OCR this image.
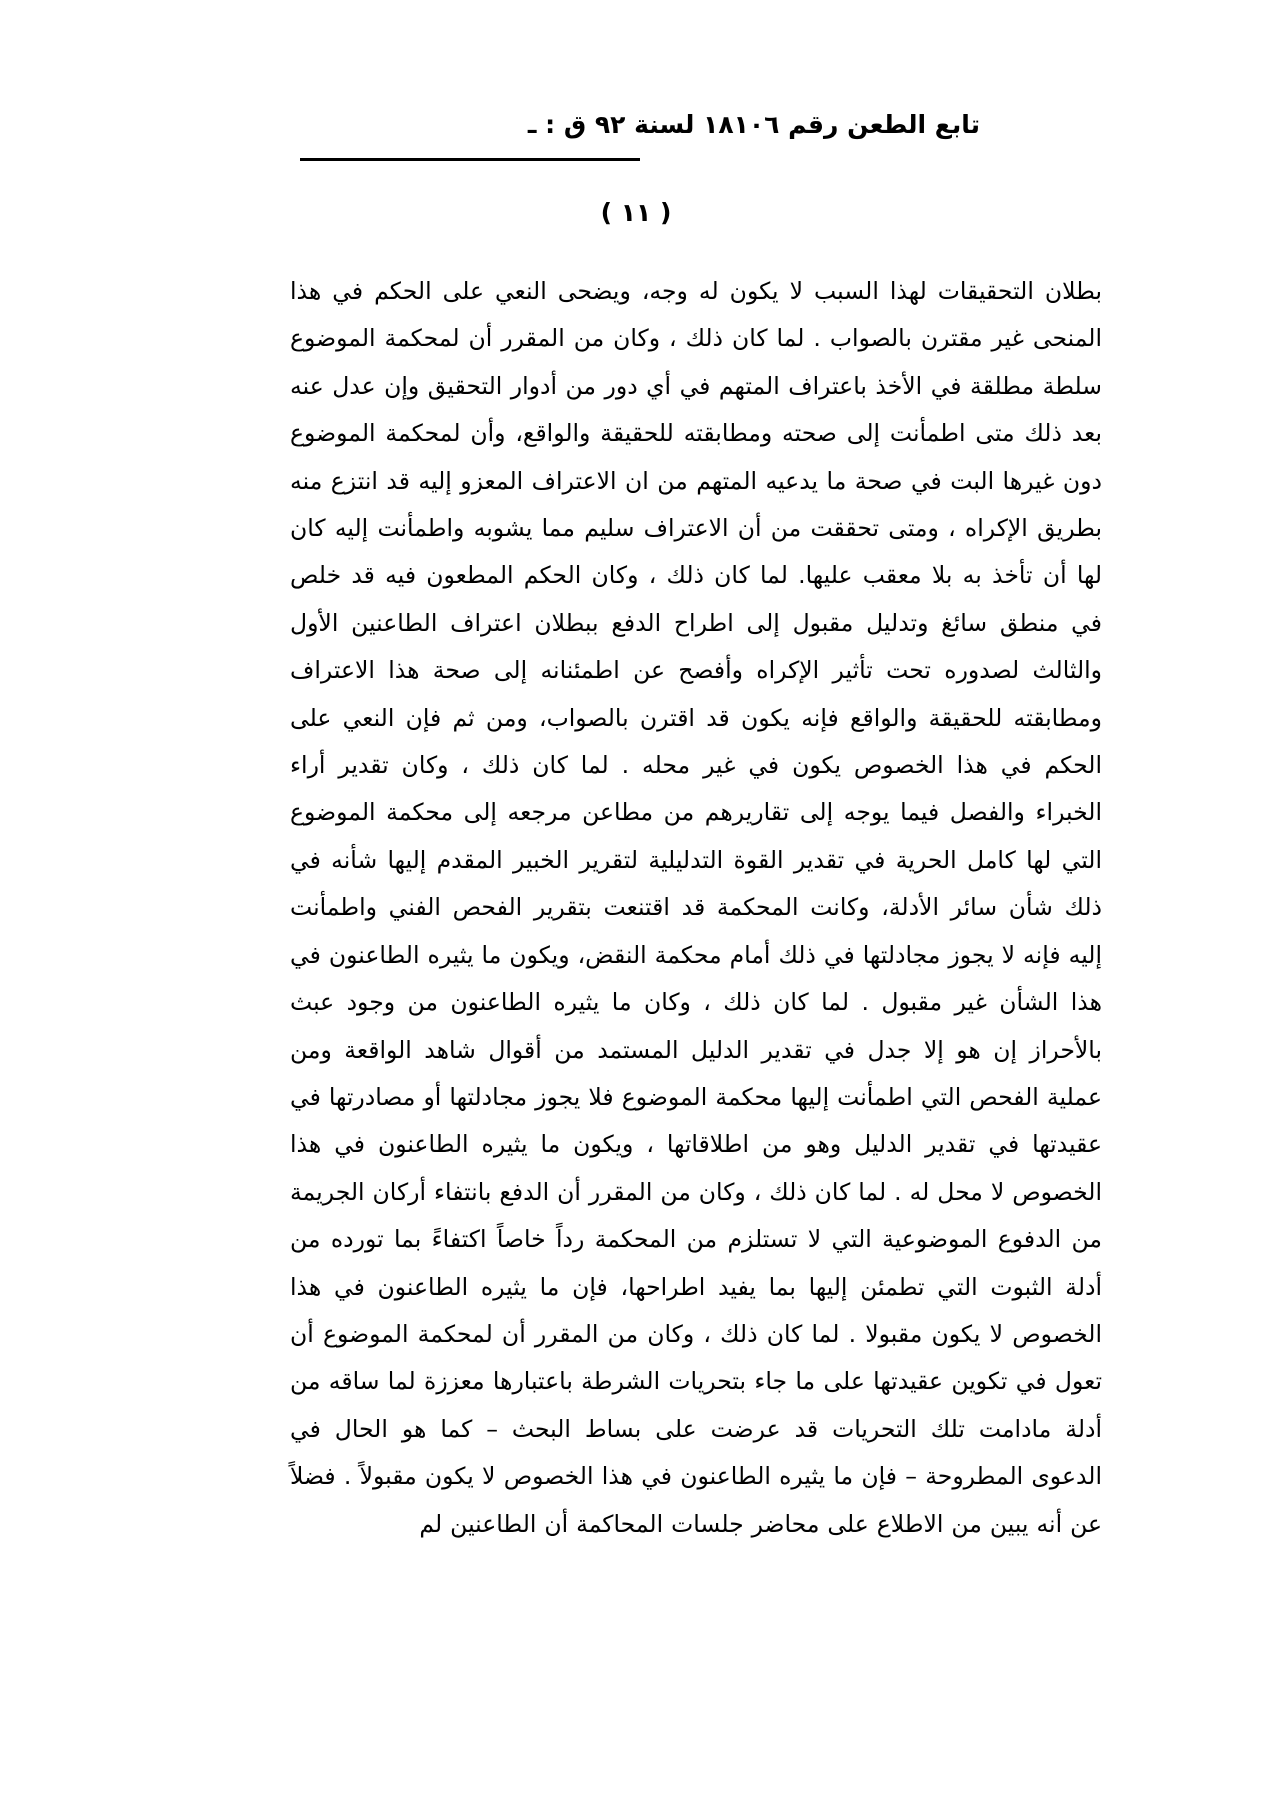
تابع الطعن رقم ١٨١٠٦ لسنة ٩٢ ق : ـ
( ١١ )

بطلان التحقيقات لهذا السبب لا يكون له وجه، ويضحى النعي على الحكم في هذا المنحى غير مقترن بالصواب . لما كان ذلك ، وكان من المقرر أن لمحكمة الموضوع سلطة مطلقة في الأخذ باعتراف المتهم في أي دور من أدوار التحقيق وإن عدل عنه بعد ذلك متى اطمأنت إلى صحته ومطابقته للحقيقة والواقع، وأن لمحكمة الموضوع دون غيرها البت في صحة ما يدعيه المتهم من ان الاعتراف المعزو إليه قد انتزع منه بطريق الإكراه ، ومتى تحققت من أن الاعتراف سليم مما يشوبه واطمأنت إليه كان لها أن تأخذ به بلا معقب عليها. لما كان ذلك ، وكان الحكم المطعون فيه قد خلص في منطق سائغ وتدليل مقبول إلى اطراح الدفع ببطلان اعتراف الطاعنين الأول والثالث لصدوره تحت تأثير الإكراه وأفصح عن اطمئنانه إلى صحة هذا الاعتراف ومطابقته للحقيقة والواقع فإنه يكون قد اقترن بالصواب، ومن ثم فإن النعي على الحكم في هذا الخصوص يكون في غير محله . لما كان ذلك ، وكان تقدير أراء الخبراء والفصل فيما يوجه إلى تقاريرهم من مطاعن مرجعه إلى محكمة الموضوع التي لها كامل الحرية في تقدير القوة التدليلية لتقرير الخبير المقدم إليها شأنه في ذلك شأن سائر الأدلة، وكانت المحكمة قد اقتنعت بتقرير الفحص الفني واطمأنت إليه فإنه لا يجوز مجادلتها في ذلك أمام محكمة النقض، ويكون ما يثيره الطاعنون في هذا الشأن غير مقبول . لما كان ذلك ، وكان ما يثيره الطاعنون من وجود عبث بالأحراز إن هو إلا جدل في تقدير الدليل المستمد من أقوال شاهد الواقعة ومن عملية الفحص التي اطمأنت إليها محكمة الموضوع فلا يجوز مجادلتها أو مصادرتها في عقيدتها في تقدير الدليل وهو من اطلاقاتها ، ويكون ما يثيره الطاعنون في هذا الخصوص لا محل له . لما كان ذلك ، وكان من المقرر أن الدفع بانتفاء أركان الجريمة من الدفوع الموضوعية التي لا تستلزم من المحكمة رداً خاصاً اكتفاءً بما تورده من أدلة الثبوت التي تطمئن إليها بما يفيد اطراحها، فإن ما يثيره الطاعنون في هذا الخصوص لا يكون مقبولا . لما كان ذلك ، وكان من المقرر أن لمحكمة الموضوع أن تعول في تكوين عقيدتها على ما جاء بتحريات الشرطة باعتبارها معززة لما ساقه من أدلة مادامت تلك التحريات قد عرضت على بساط البحث – كما هو الحال في الدعوى المطروحة – فإن ما يثيره الطاعنون في هذا الخصوص لا يكون مقبولاً . فضلاً عن أنه يبين من الاطلاع على محاضر جلسات المحاكمة أن الطاعنين لم
